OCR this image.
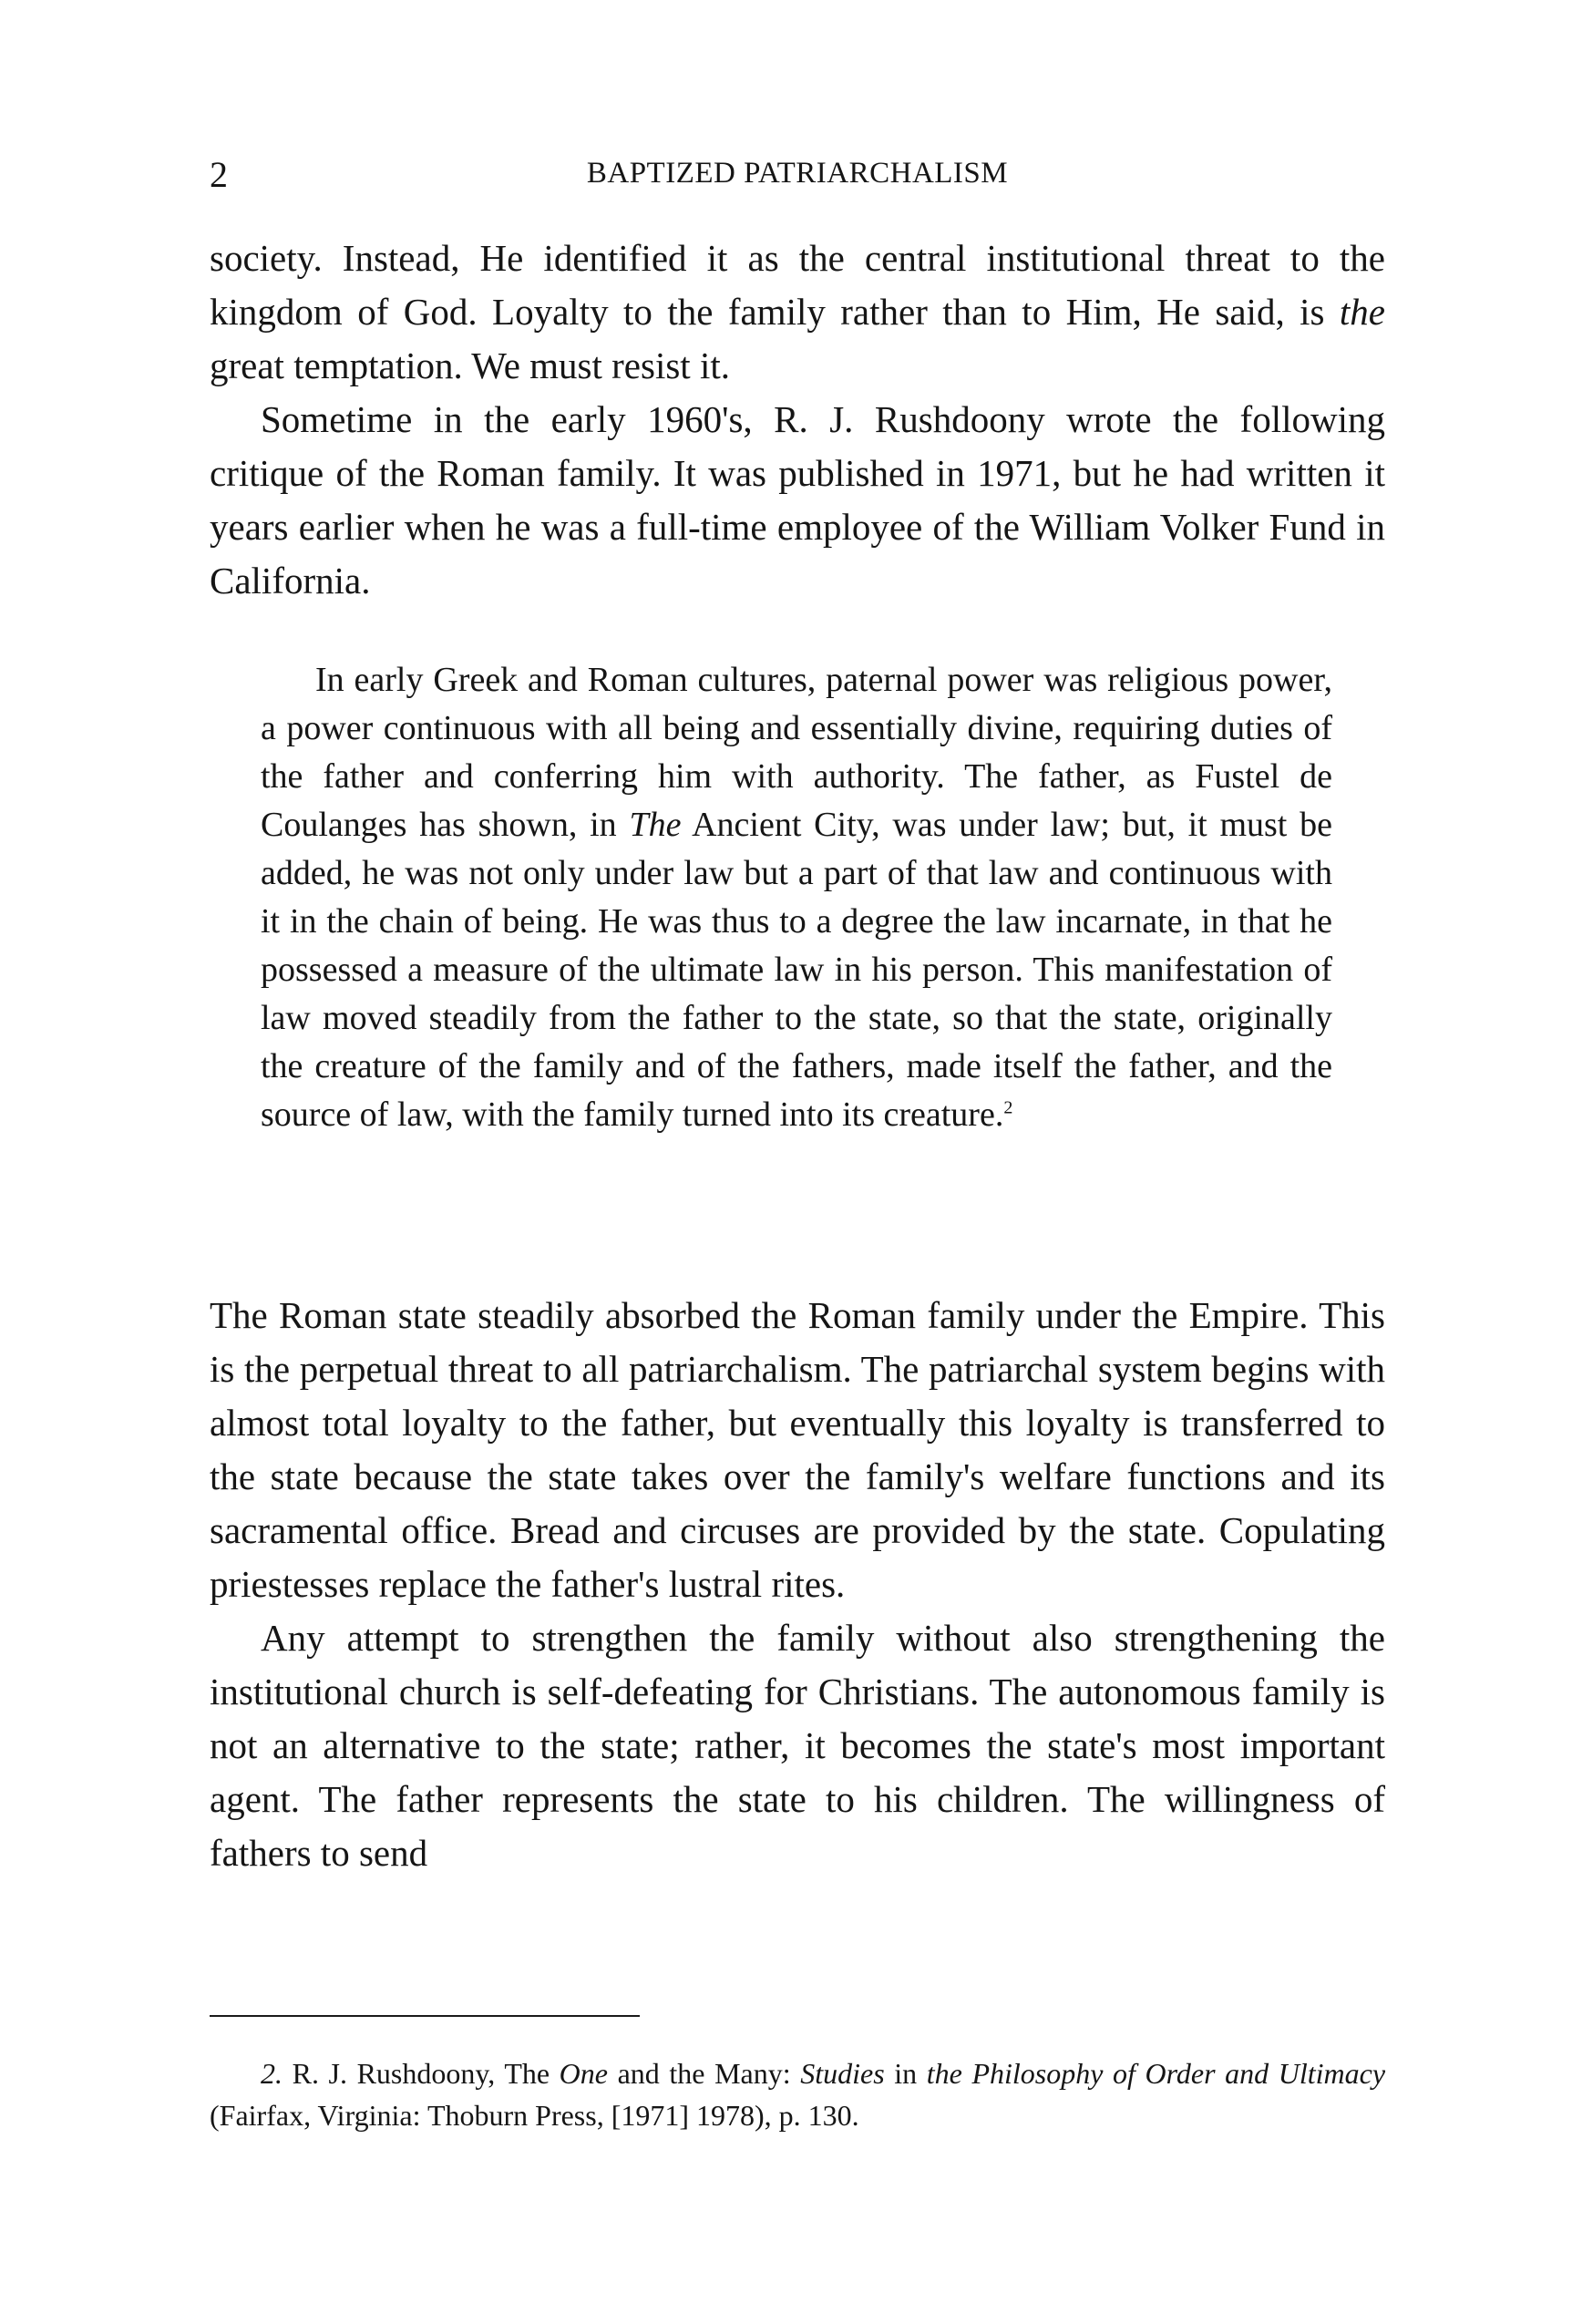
2	BAPTIZED PATRIARCHALISM

society. Instead, He identified it as the central institutional threat to the kingdom of God. Loyalty to the family rather than to Him, He said, is the great temptation. We must resist it.

Sometime in the early 1960's, R. J. Rushdoony wrote the following critique of the Roman family. It was published in 1971, but he had written it years earlier when he was a full-time employee of the William Volker Fund in California.

In early Greek and Roman cultures, paternal power was religious power, a power continuous with all being and essentially divine, requiring duties of the father and conferring him with authority. The father, as Fustel de Coulanges has shown, in The Ancient City, was under law; but, it must be added, he was not only under law but a part of that law and continuous with it in the chain of being. He was thus to a degree the law incarnate, in that he possessed a measure of the ultimate law in his person. This manifestation of law moved steadily from the father to the state, so that the state, originally the creature of the family and of the fathers, made itself the father, and the source of law, with the family turned into its creature.$^2$

The Roman state steadily absorbed the Roman family under the Empire. This is the perpetual threat to all patriarchalism. The patriarchal system begins with almost total loyalty to the father, but eventually this loyalty is transferred to the state because the state takes over the family's welfare functions and its sacramental office. Bread and circuses are provided by the state. Copulating priestesses replace the father's lustral rites.

Any attempt to strengthen the family without also strengthening the institutional church is self-defeating for Christians. The autonomous family is not an alternative to the state; rather, it becomes the state's most important agent. The father represents the state to his children. The willingness of fathers to send

2. R. J. Rushdoony, The One and the Many: Studies in the Philosophy of Order and Ultimacy (Fairfax, Virginia: Thoburn Press, [1971] 1978), p. 130.
